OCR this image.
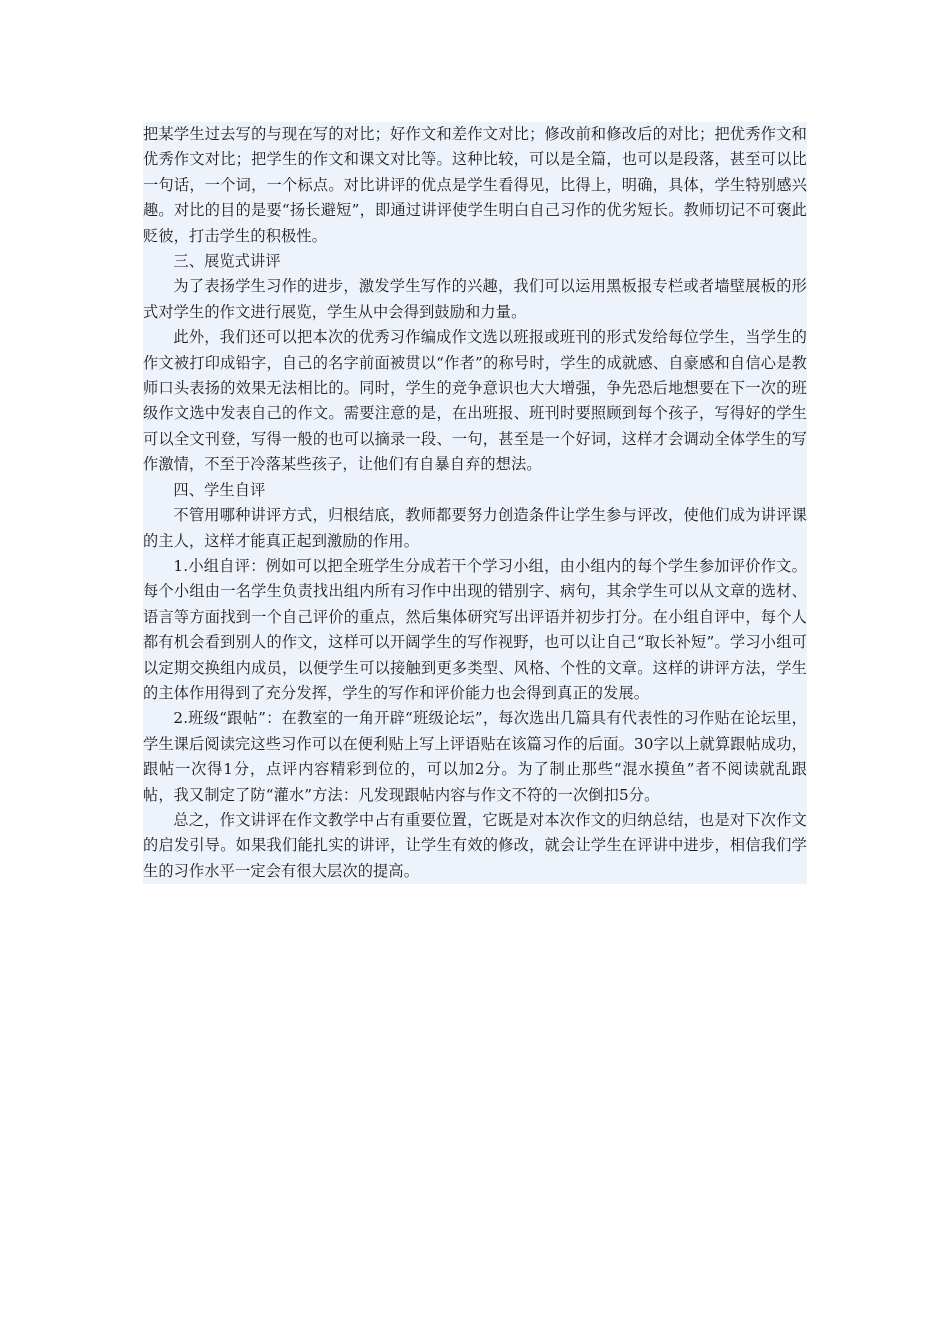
把某学生过去写的与现在写的对比；好作文和差作文对比；修改前和修改后的对比；把优秀作文和优秀作文对比；把学生的作文和课文对比等。这种比较，可以是全篇，也可以是段落，甚至可以比一句话，一个词，一个标点。对比讲评的优点是学生看得见，比得上，明确，具体，学生特别感兴趣。对比的目的是要“扬长避短”，即通过讲评使学生明白自己习作的优劣短长。教师切记不可褒此贬彼，打击学生的积极性。

三、展览式讲评

为了表扬学生习作的进步，激发学生写作的兴趣，我们可以运用黑板报专栏或者墙壁展板的形式对学生的作文进行展览，学生从中会得到鼓励和力量。

此外，我们还可以把本次的优秀习作编成作文选以班报或班刊的形式发给每位学生，当学生的作文被打印成铅字，自己的名字前面被贯以“作者”的称号时，学生的成就感、自豪感和自信心是教师口头表扬的效果无法相比的。同时，学生的竞争意识也大大增强，争先恐后地想要在下一次的班级作文选中发表自己的作文。需要注意的是，在出班报、班刊时要照顾到每个孩子，写得好的学生可以全文刊登，写得一般的也可以摘录一段、一句，甚至是一个好词，这样才会调动全体学生的写作激情，不至于冷落某些孩子，让他们有自暴自弃的想法。

四、学生自评

不管用哪种讲评方式，归根结底，教师都要努力创造条件让学生参与评改，使他们成为讲评课的主人，这样才能真正起到激励的作用。

1.小组自评：例如可以把全班学生分成若干个学习小组，由小组内的每个学生参加评价作文。每个小组由一名学生负责找出组内所有习作中出现的错别字、病句，其余学生可以从文章的选材、语言等方面找到一个自己评价的重点，然后集体研究写出评语并初步打分。在小组自评中，每个人都有机会看到别人的作文，这样可以开阔学生的写作视野，也可以让自己“取长补短”。学习小组可以定期交换组内成员，以便学生可以接触到更多类型、风格、个性的文章。这样的讲评方法，学生的主体作用得到了充分发挥，学生的写作和评价能力也会得到真正的发展。

2.班级“跟帖”：在教室的一角开辟“班级论坛”，每次选出几篇具有代表性的习作贴在论坛里，学生课后阅读完这些习作可以在便利贴上写上评语贴在该篇习作的后面。30字以上就算跟帖成功，跟帖一次得1分，点评内容精彩到位的，可以加2分。为了制止那些“混水摸鱼”者不阅读就乱跟帖，我又制定了防“灌水”方法：凡发现跟帖内容与作文不符的一次倒扣5分。

总之，作文讲评在作文教学中占有重要位置，它既是对本次作文的归纳总结，也是对下次作文的启发引导。如果我们能扎实的讲评，让学生有效的修改，就会让学生在评讲中进步，相信我们学生的习作水平一定会有很大层次的提高。
